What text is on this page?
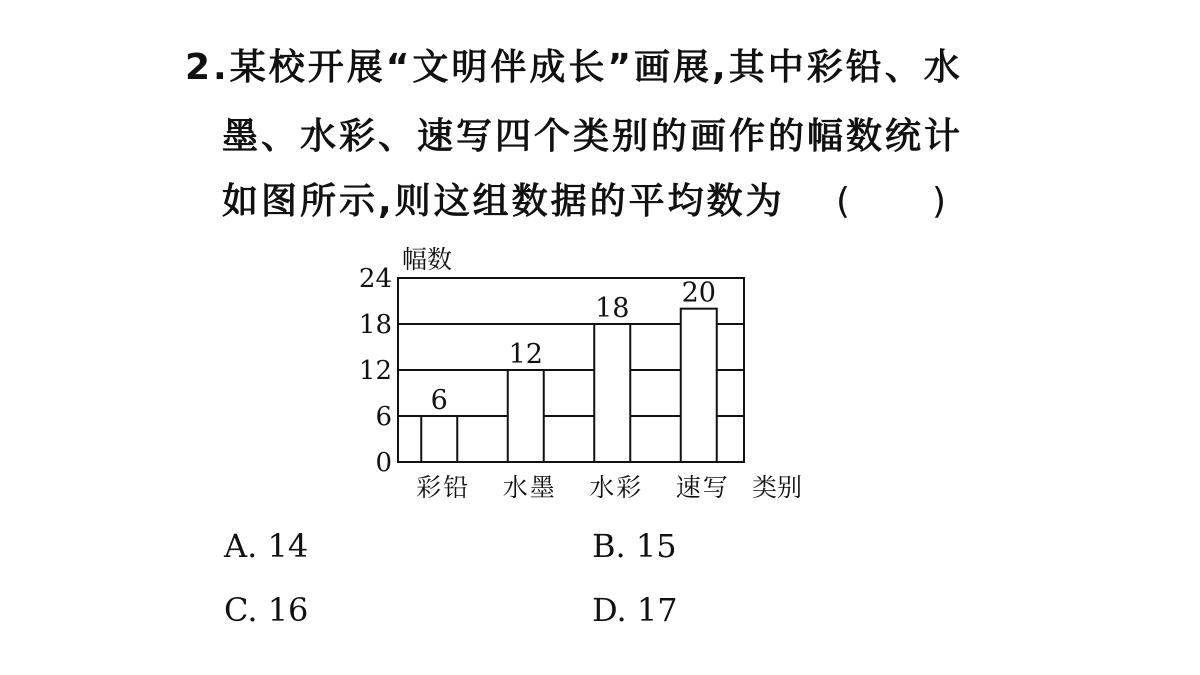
2.某校开展“文明伴成长”画展,其中彩铅、水
墨、水彩、速写四个类别的画作的幅数统计
如图所示,则这组数据的平均数为 ( )
幅数
类别
0
6
12
18
24
6
12
18 20
彩铅 水墨 水彩 速写
A. 14	B. 15
C. 16	D. 17
